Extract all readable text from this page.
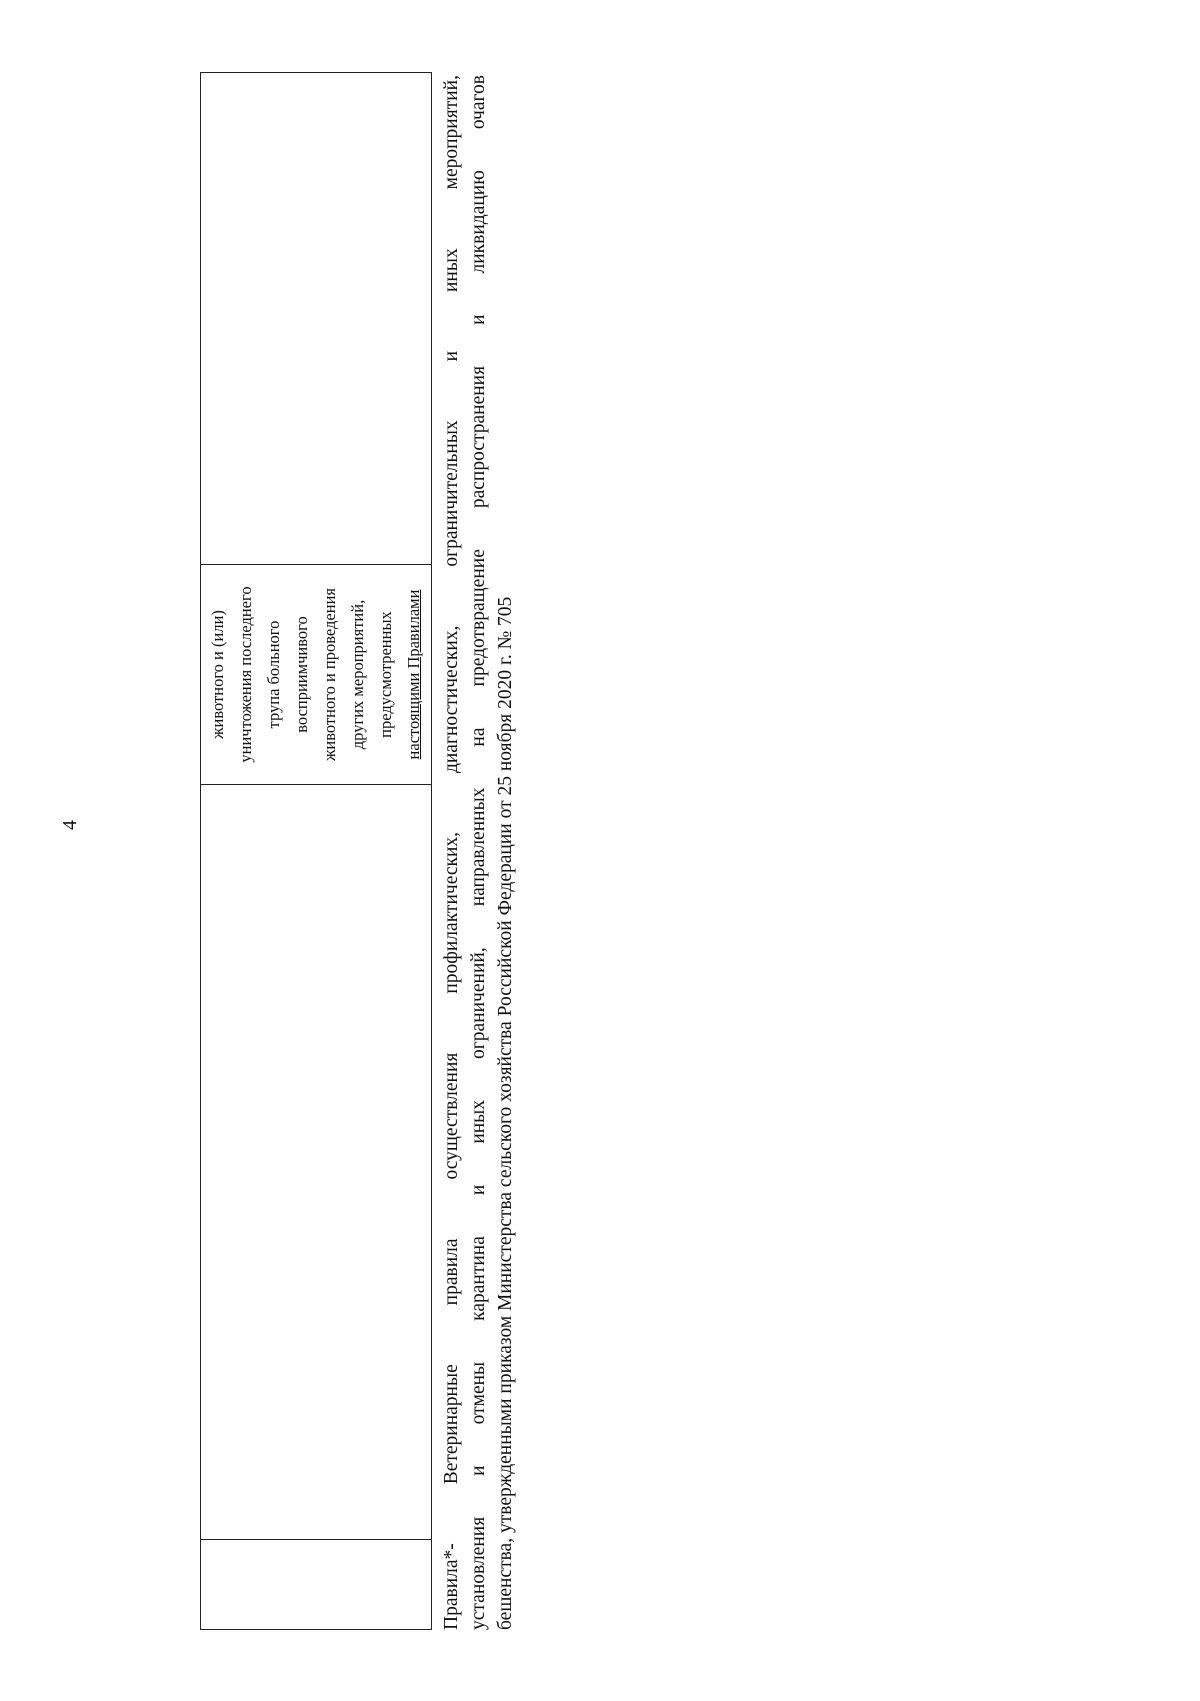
4
животного и (или) уничтожения последнего трупа больного восприимчивого животного и проведения других мероприятий, предусмотренных настоящими Правилами Правила*- Ветеринарные правила осуществления профилактических, диагностических, ограничительных и иных мероприятий, установления и отмены карантина и иных ограничений, направленных на предотвращение распространения и ликвидацию очагов бешенства, утвержденными приказом Министерства сельского хозяйства Российской Федерации от 25 ноября 2020 г. № 705
